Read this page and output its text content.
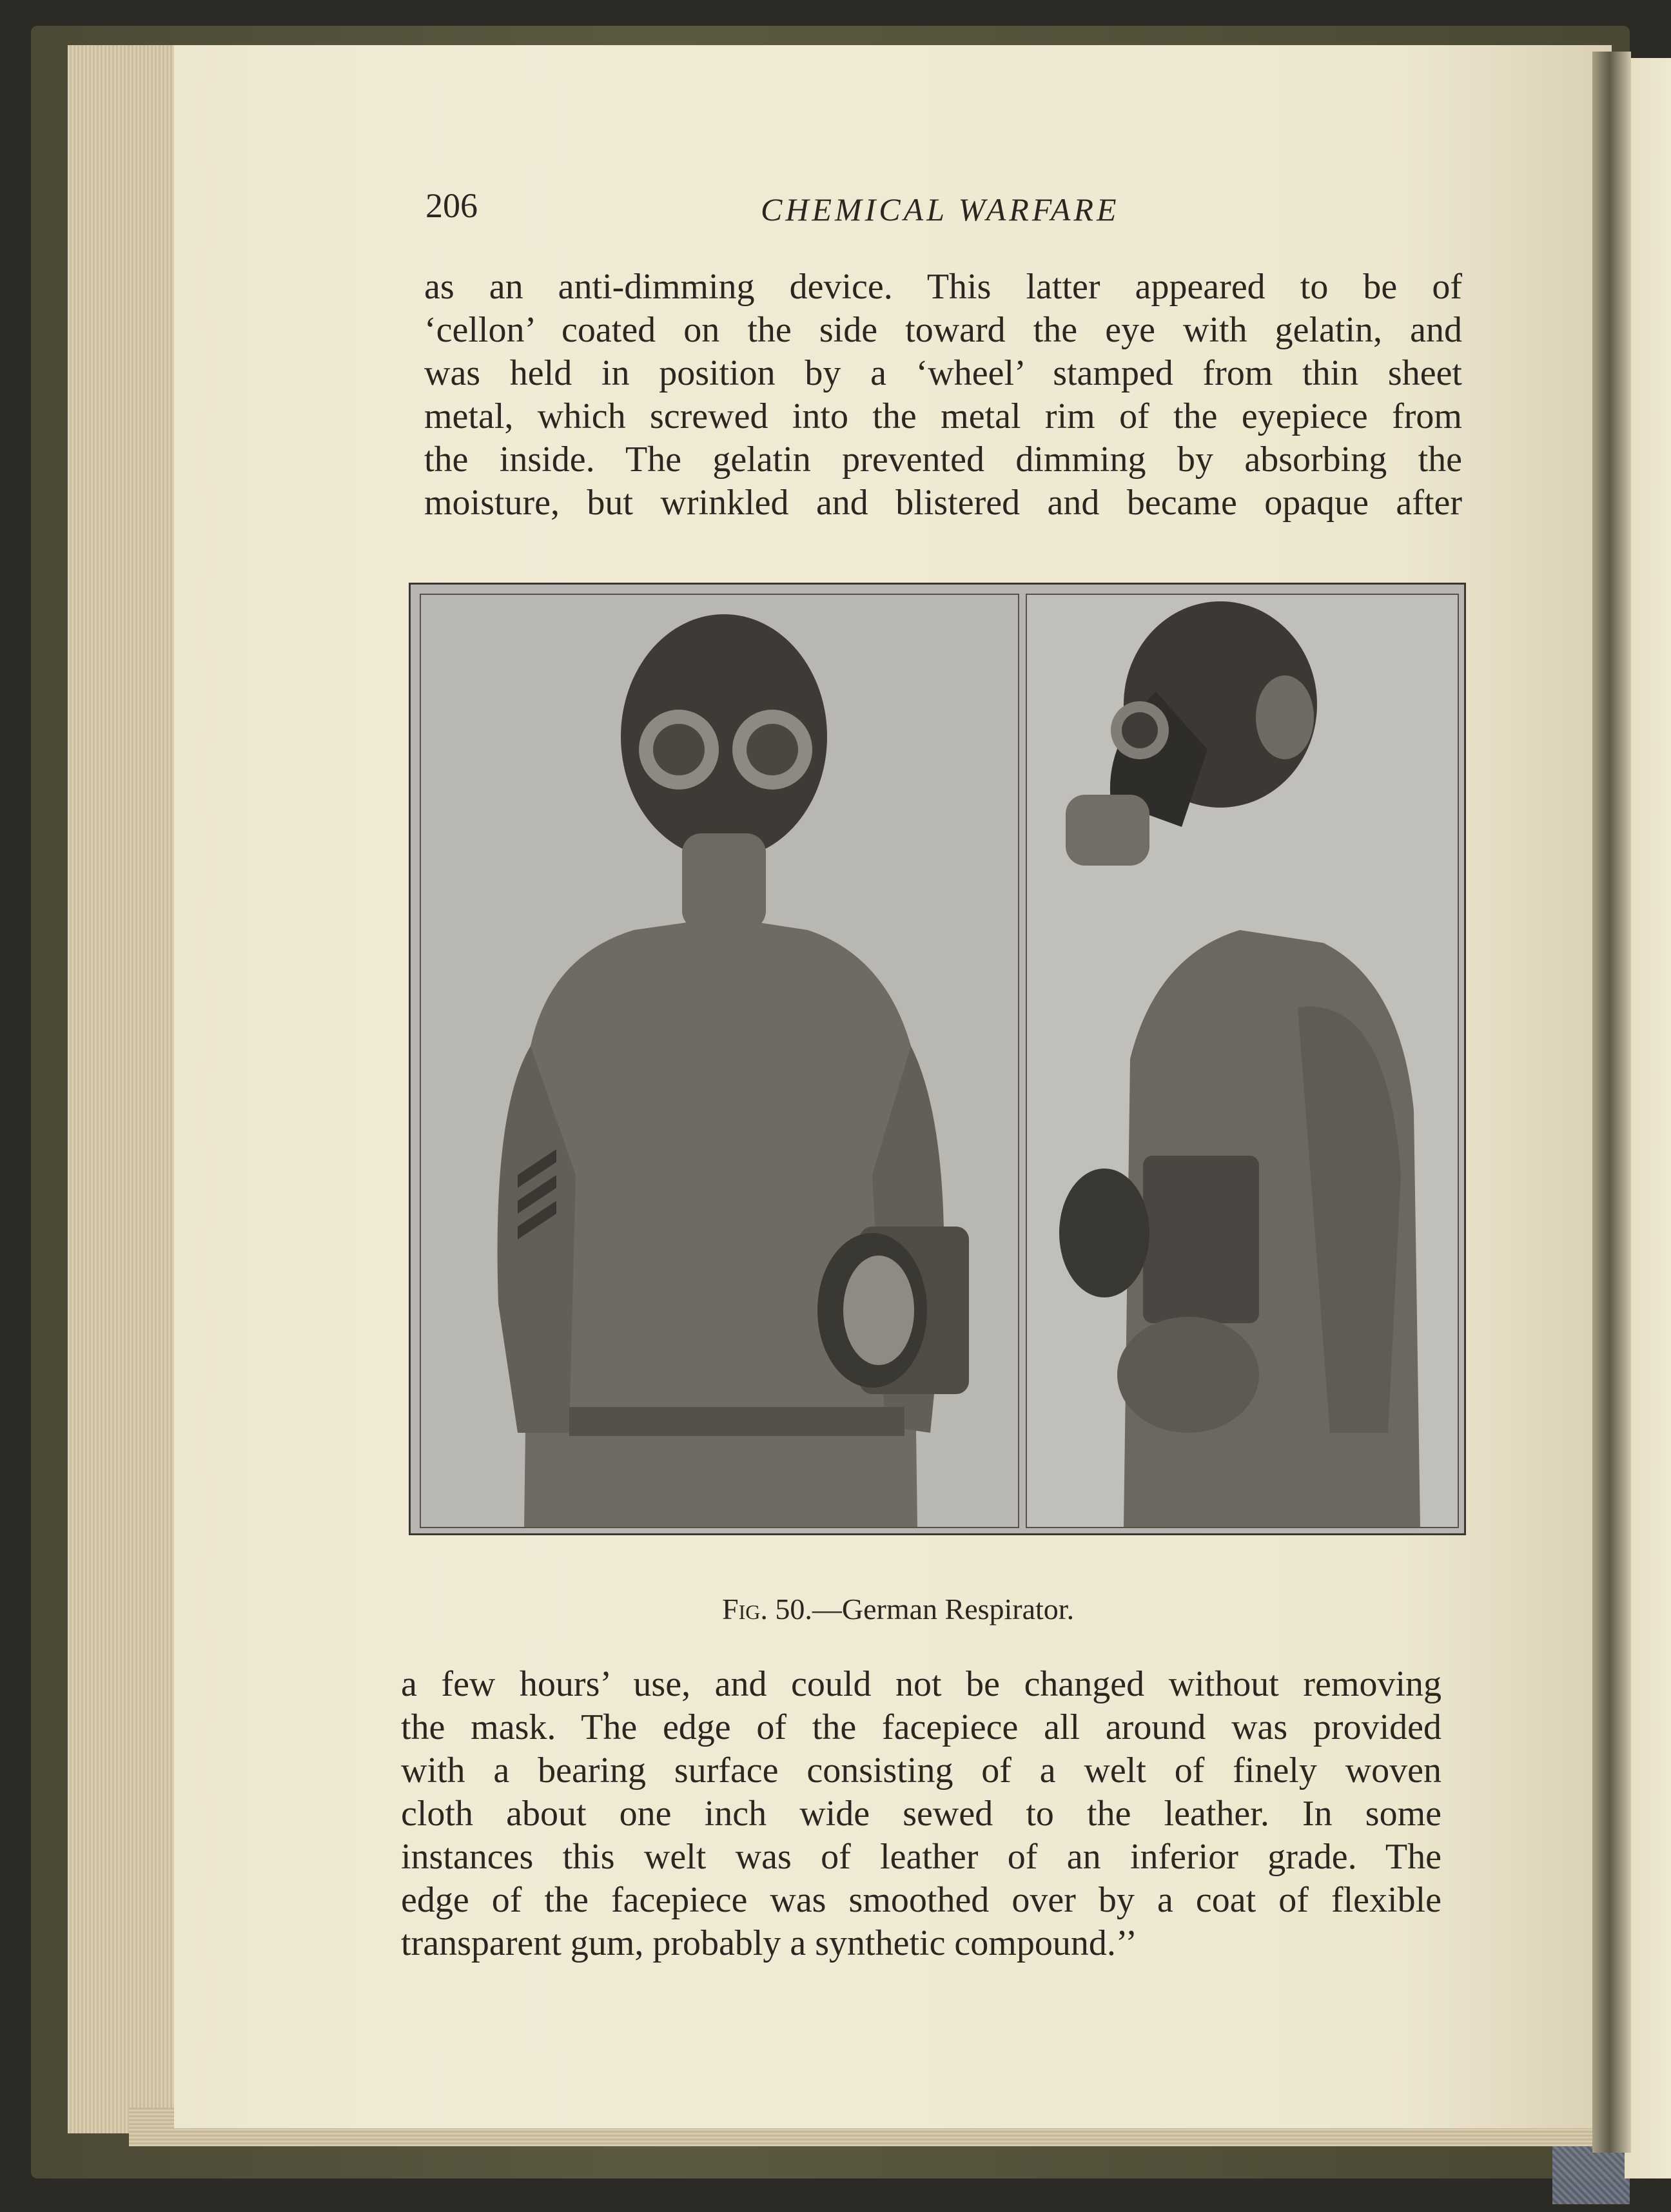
206	CHEMICAL WARFARE
as an anti-dimming device. This latter appeared to be of
‘cellon’ coated on the side toward the eye with gelatin, and
was held in position by a ‘wheel’ stamped from thin sheet
metal, which screwed into the metal rim of the eyepiece from
the inside. The gelatin prevented dimming by absorbing the
moisture, but wrinkled and blistered and became opaque after
Fig. 50.—German Respirator.
a few hours’ use, and could not be changed without removing
the mask. The edge of the facepiece all around was provided
with a bearing surface consisting of a welt of finely woven
cloth about one inch wide sewed to the leather. In some
instances this welt was of leather of an inferior grade. The
edge of the facepiece was smoothed over by a coat of flexible
transparent gum, probably a synthetic compound.’’
